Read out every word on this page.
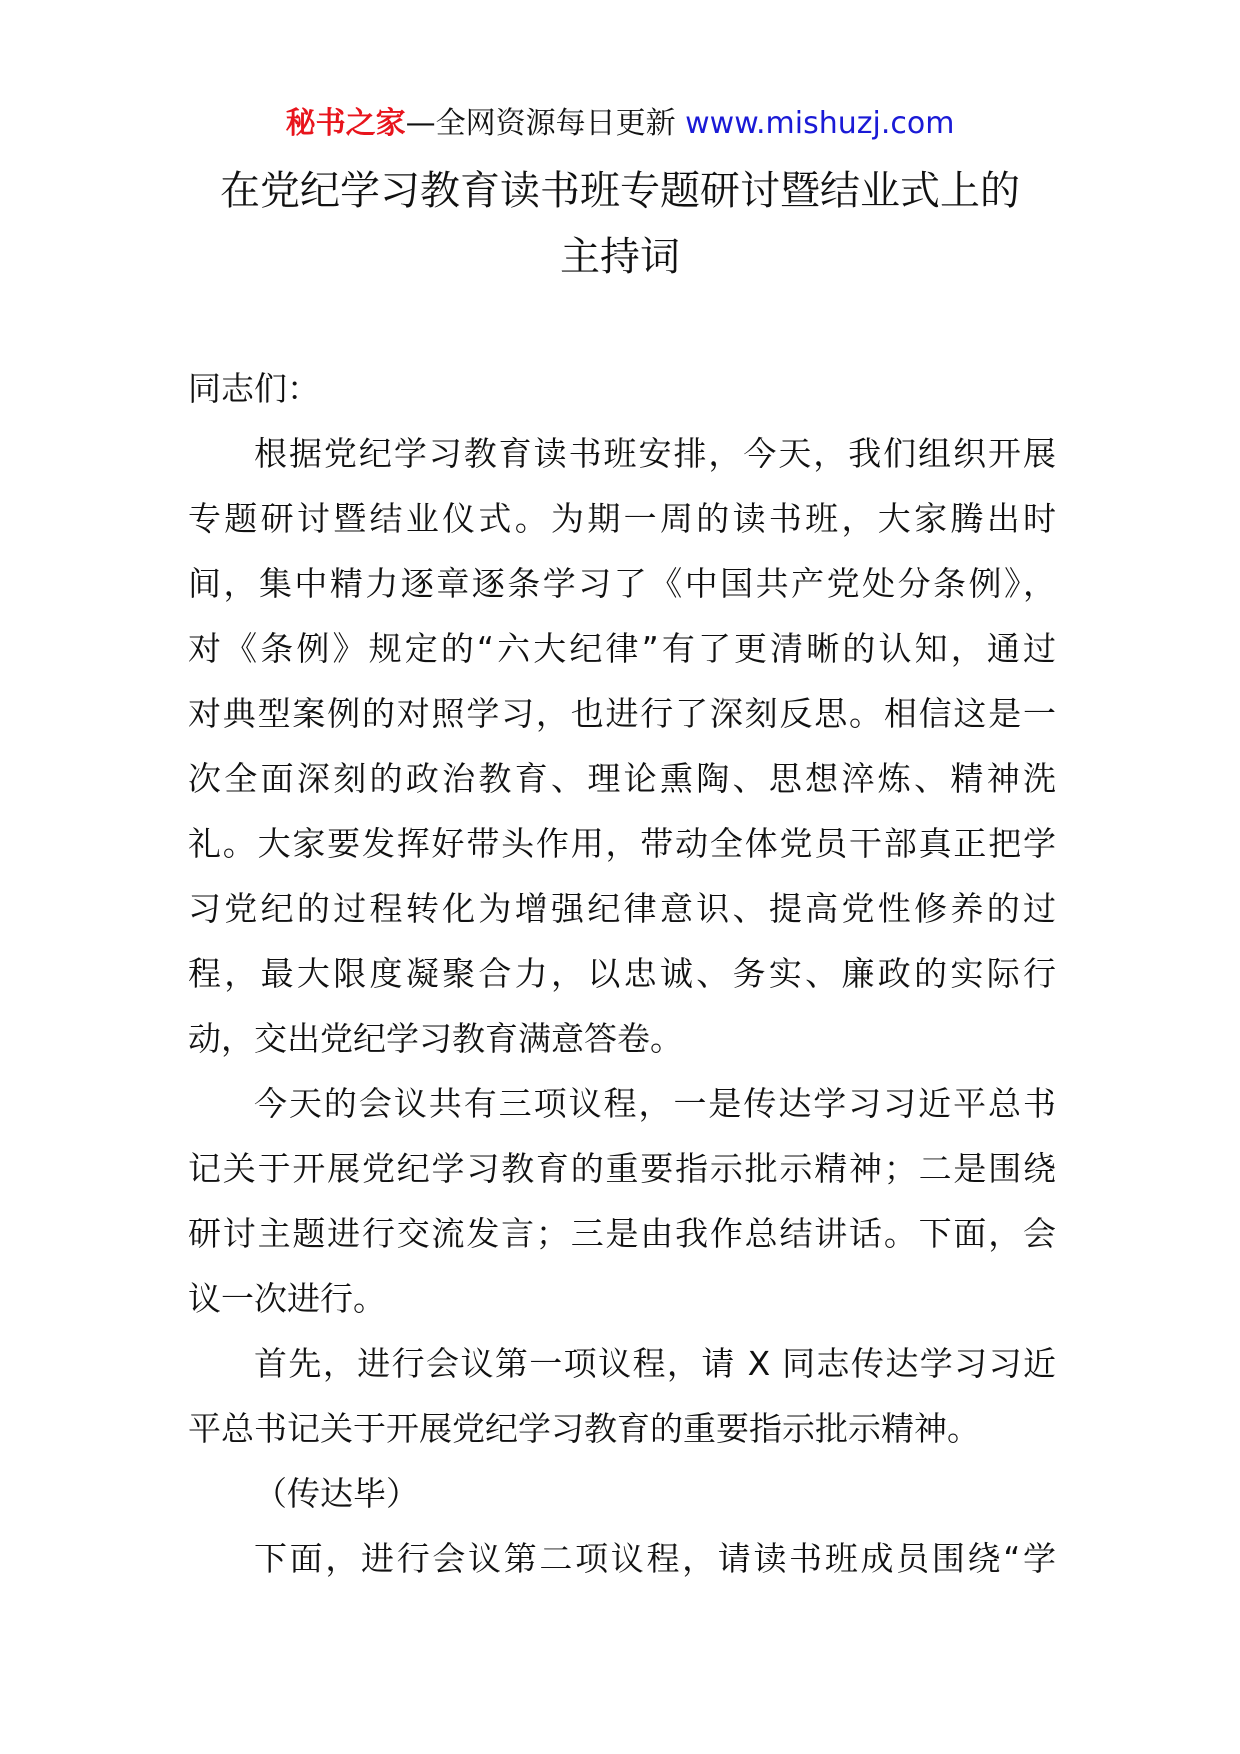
秘书之家—全网资源每日更新 www.mishuzj.com
在党纪学习教育读书班专题研讨暨结业式上的
主持词
同志们：
根据党纪学习教育读书班安排，今天，我们组织开展
专题研讨暨结业仪式。为期一周的读书班，大家腾出时
间，集中精力逐章逐条学习了《中国共产党处分条例》，
对《条例》规定的“六大纪律”有了更清晰的认知，通过
对典型案例的对照学习，也进行了深刻反思。相信这是一
次全面深刻的政治教育、理论熏陶、思想淬炼、精神洗
礼。大家要发挥好带头作用，带动全体党员干部真正把学
习党纪的过程转化为增强纪律意识、提高党性修养的过
程，最大限度凝聚合力，以忠诚、务实、廉政的实际行
动，交出党纪学习教育满意答卷。
今天的会议共有三项议程，一是传达学习习近平总书
记关于开展党纪学习教育的重要指示批示精神；二是围绕
研讨主题进行交流发言；三是由我作总结讲话。下面，会
议一次进行。
首先，进行会议第一项议程，请 X 同志传达学习习近
平总书记关于开展党纪学习教育的重要指示批示精神。
（传达毕）
下面，进行会议第二项议程，请读书班成员围绕“学
